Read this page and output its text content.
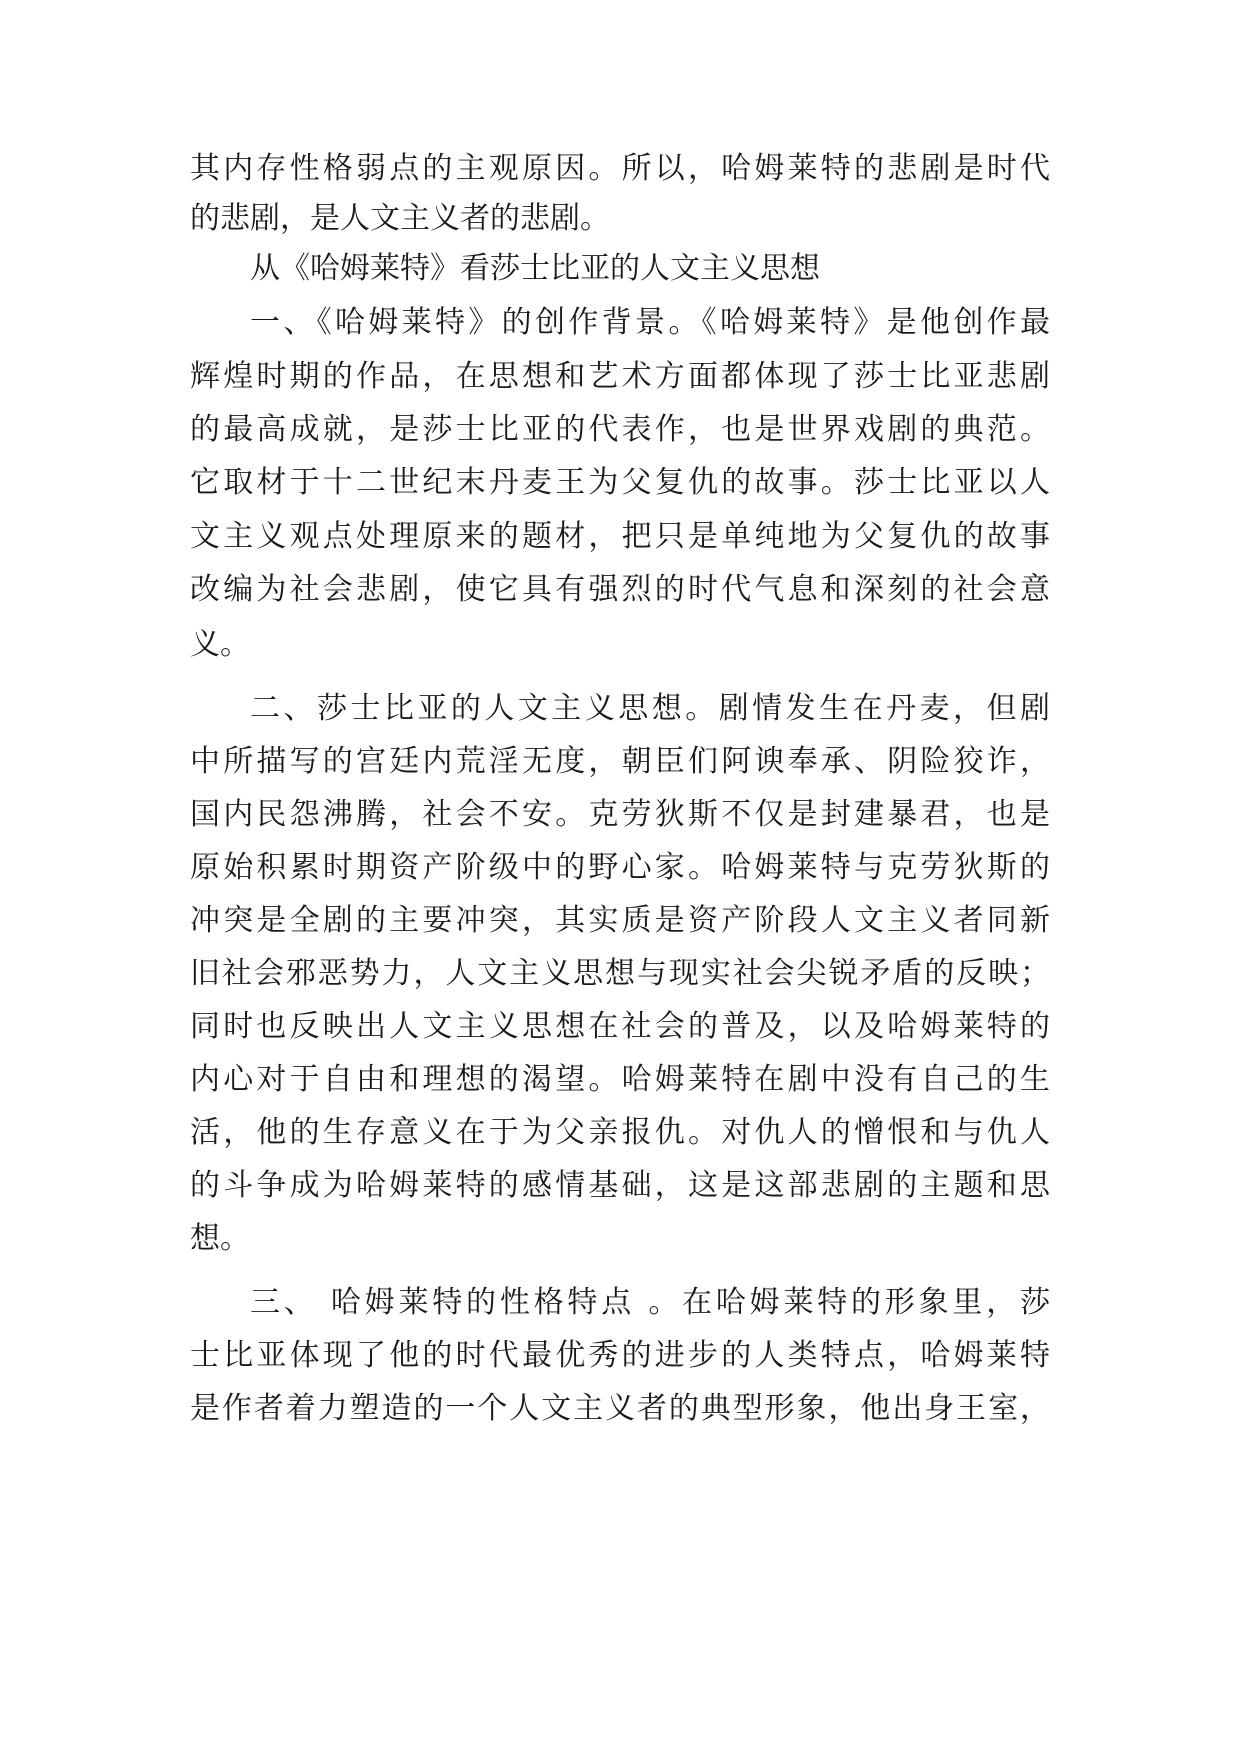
其内存性格弱点的主观原因。所以，哈姆莱特的悲剧是时代
的悲剧，是人文主义者的悲剧。
从《哈姆莱特》看莎士比亚的人文主义思想
一、《哈姆莱特》的创作背景。《哈姆莱特》是他创作最
辉煌时期的作品，在思想和艺术方面都体现了莎士比亚悲剧
的最高成就，是莎士比亚的代表作，也是世界戏剧的典范。
它取材于十二世纪末丹麦王为父复仇的故事。莎士比亚以人
文主义观点处理原来的题材，把只是单纯地为父复仇的故事
改编为社会悲剧，使它具有强烈的时代气息和深刻的社会意
义。
二、莎士比亚的人文主义思想。剧情发生在丹麦，但剧
中所描写的宫廷内荒淫无度，朝臣们阿谀奉承、阴险狡诈，
国内民怨沸腾，社会不安。克劳狄斯不仅是封建暴君，也是
原始积累时期资产阶级中的野心家。哈姆莱特与克劳狄斯的
冲突是全剧的主要冲突，其实质是资产阶段人文主义者同新
旧社会邪恶势力，人文主义思想与现实社会尖锐矛盾的反映；
同时也反映出人文主义思想在社会的普及，以及哈姆莱特的
内心对于自由和理想的渴望。哈姆莱特在剧中没有自己的生
活，他的生存意义在于为父亲报仇。对仇人的憎恨和与仇人
的斗争成为哈姆莱特的感情基础，这是这部悲剧的主题和思
想。
三、 哈姆莱特的性格特点 。在哈姆莱特的形象里，莎
士比亚体现了他的时代最优秀的进步的人类特点，哈姆莱特
是作者着力塑造的一个人文主义者的典型形象，他出身王室，
